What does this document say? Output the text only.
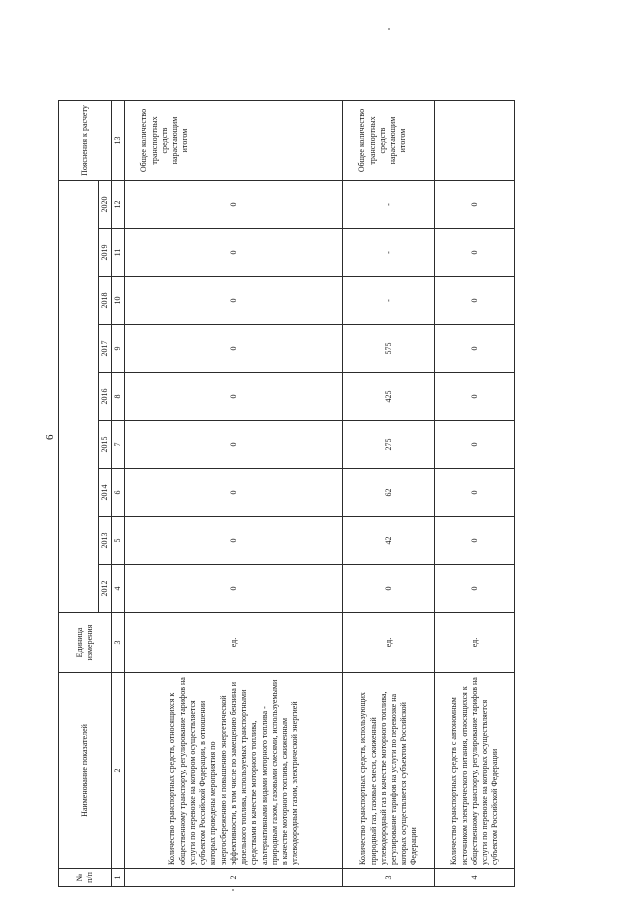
6
№ п/п	Наименование показателей	Единица измерения										Пояснения к расчету
			2012	2013	2014	2015	2016	2017	2018	2019	2020	
1	2	3	4	5	6	7	8	9	10	11	12	13
2	Количество транспортных средств, относящихся к общественному транспорту, регулирование тарифов на услуги по перевозке на котором осуществляется субъектом Российской Федерации, в отношении которых проведены мероприятия по энергосбережению и повышению энергетической эффективности, в том числе по замещению бензина и дизельного топлива, используемых транспортными средствами в качестве моторного топлива, альтернативными видами моторного топлива - природным газом, газовыми смесями, используемыми в качестве моторного топлива, сжиженным углеводородным газом, электрической энергией	ед.	0	0	0	0	0	0	0	0	0	Общее количество транспортных средств нарастающим итогом
3	Количество транспортных средств, использующих природный газ, газовые смеси, сжиженный углеводородный газ в качестве моторного топлива, регулирование тарифов на услуги по перевозке на которых осуществляется субъектом Российской Федерации	ед.	0	42	62	275	425	575	-	-	-	Общее количество транспортных средств нарастающим итогом
4	Количество транспортных средств с автономным источником электрического питания, относящихся к общественному транспорту, регулирование тарифов на услуги по перевозке на которых осуществляется субъектом Российской Федерации	ед.	0	0	0	0	0	0	0	0	0	
